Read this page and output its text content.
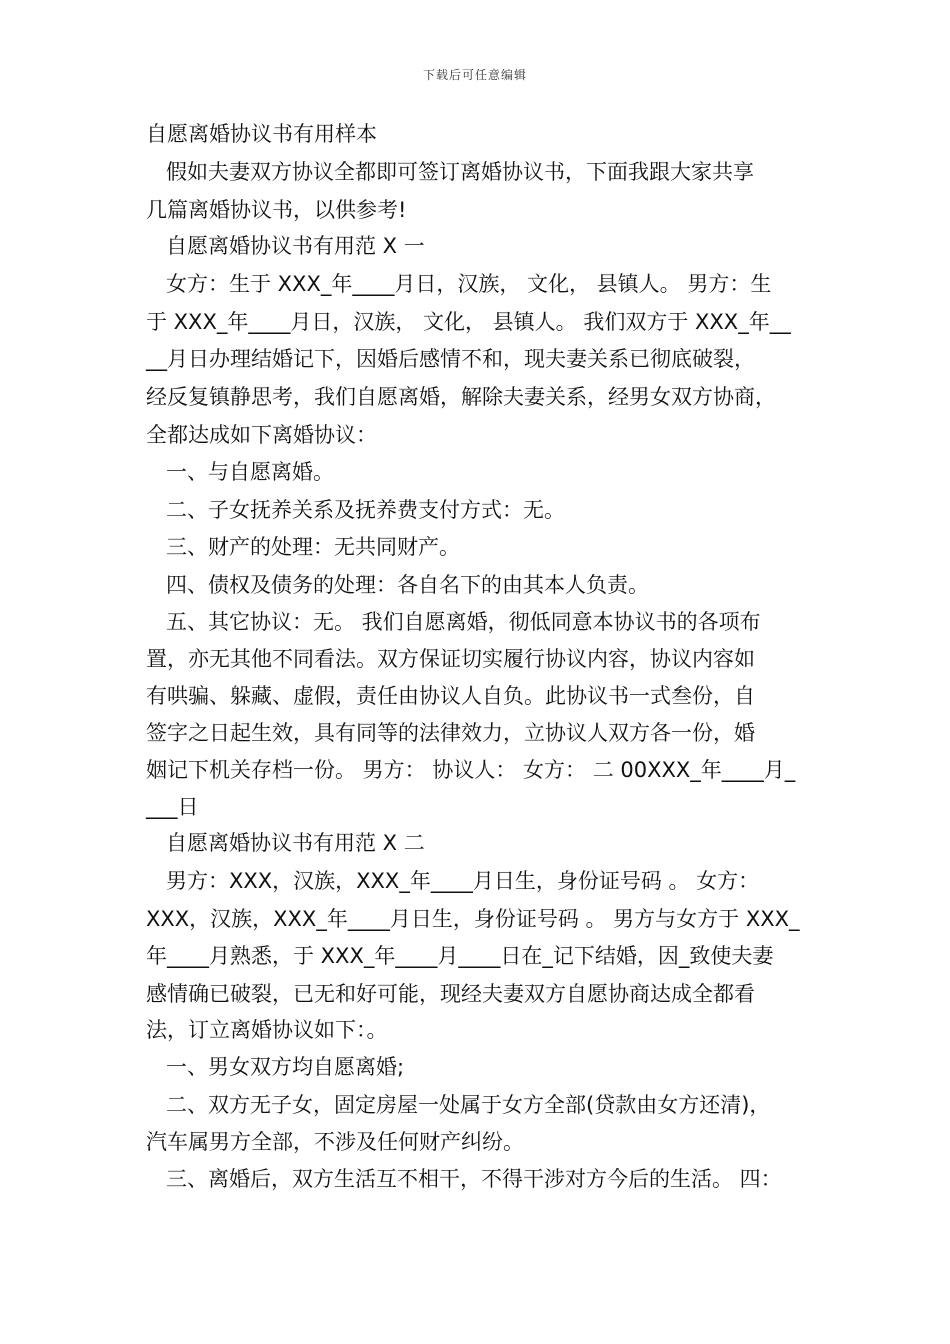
下载后可任意编辑
自愿离婚协议书有用样本
假如夫妻双方协议全都即可签订离婚协议书，下面我跟大家共享
几篇离婚协议书，以供参考!
自愿离婚协议书有用范 X 一
女方：生于 XXX_年____月日，汉族， 文化， 县镇人。 男方：生
于 XXX_年____月日，汉族， 文化， 县镇人。 我们双方于 XXX_年__
__月日办理结婚记下，因婚后感情不和，现夫妻关系已彻底破裂，
经反复镇静思考，我们自愿离婚，解除夫妻关系，经男女双方协商，
全都达成如下离婚协议：
一、与自愿离婚。
二、子女抚养关系及抚养费支付方式：无。
三、财产的处理：无共同财产。
四、债权及债务的处理：各自名下的由其本人负责。
五、其它协议：无。 我们自愿离婚，彻低同意本协议书的各项布
置，亦无其他不同看法。双方保证切实履行协议内容，协议内容如
有哄骗、躲藏、虚假，责任由协议人自负。此协议书一式叁份，自
签字之日起生效，具有同等的法律效力，立协议人双方各一份，婚
姻记下机关存档一份。 男方： 协议人： 女方： 二 00XXX_年____月_
___日
自愿离婚协议书有用范 X 二
男方：XXX，汉族，XXX_年____月日生，身份证号码 。 女方：
XXX，汉族，XXX_年____月日生，身份证号码 。 男方与女方于 XXX_
年____月熟悉，于 XXX_年____月____日在_记下结婚，因_致使夫妻
感情确已破裂，已无和好可能，现经夫妻双方自愿协商达成全都看
法，订立离婚协议如下：。
一、男女双方均自愿离婚;
二、双方无子女，固定房屋一处属于女方全部(贷款由女方还清)，
汽车属男方全部，不涉及任何财产纠纷。
三、离婚后，双方生活互不相干，不得干涉对方今后的生活。 四：
